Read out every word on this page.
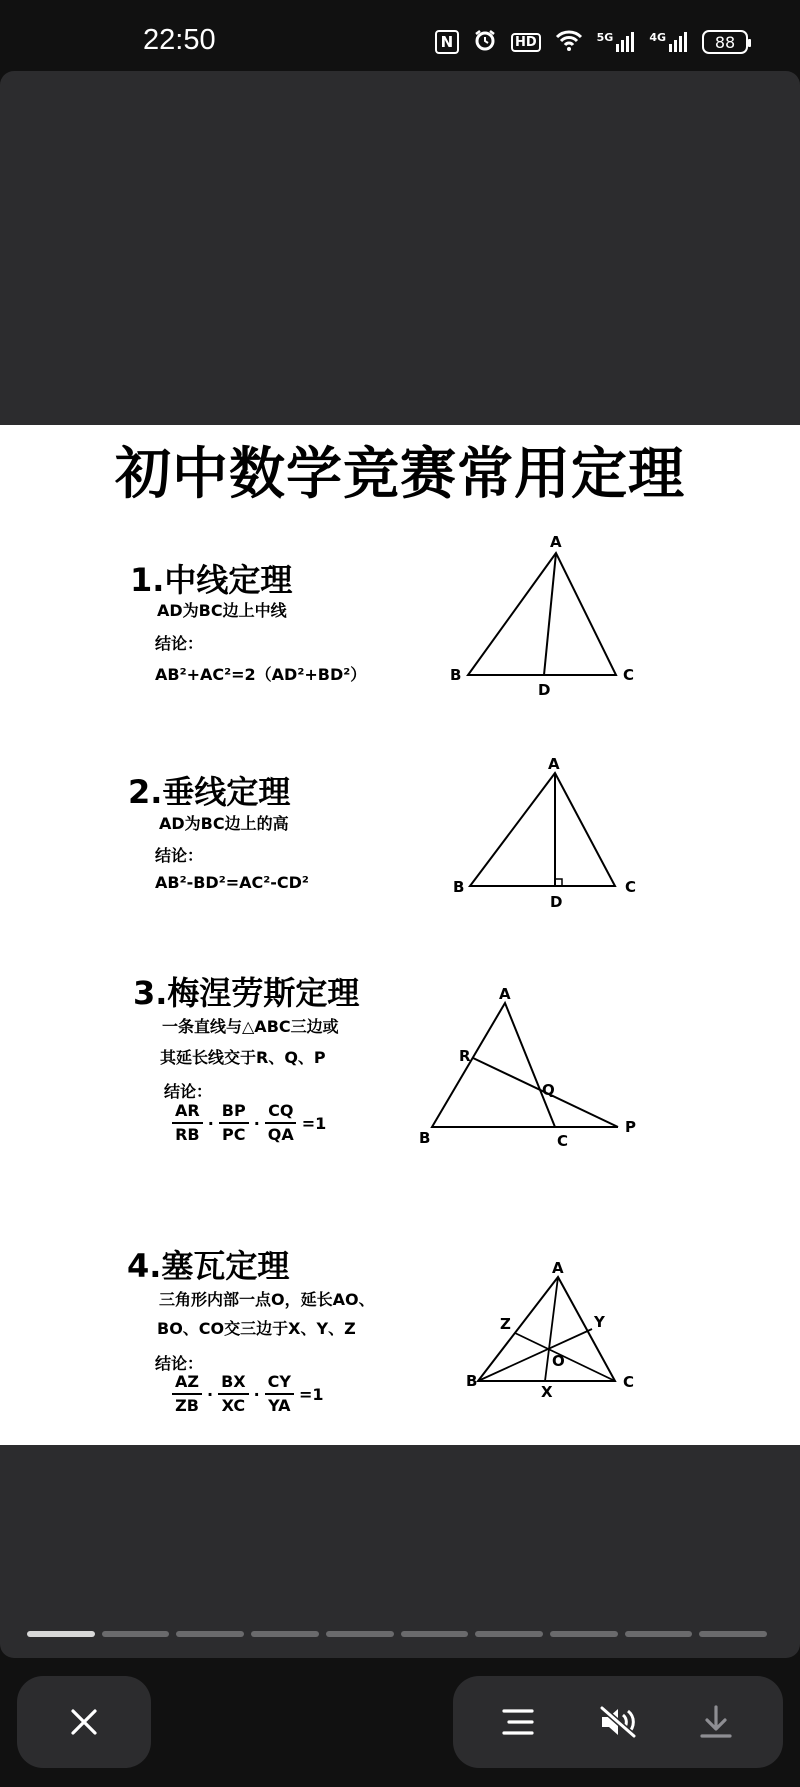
22:50	N	HD	5G	4G	88
初中数学竞赛常用定理
1.中线定理
AD为BC边上中线
结论：
AB²+AC²=2（AD²+BD²）
A
B	C
D
2.垂线定理
AD为BC边上的高
结论：
AB²-BD²=AC²-CD²
A
B	C
D
3.梅涅劳斯定理
一条直线与△ABC三边或
其延长线交于R、Q、P
结论：
$\frac{AR}{RB} \cdot \frac{BP}{PC} \cdot \frac{CQ}{QA} =1$
A
B	C
R
Q
P
4.塞瓦定理
三角形内部一点O，延长AO、
BO、CO交三边于X、Y、Z
结论：
$\frac{AZ}{ZB} \cdot \frac{BX}{XC} \cdot \frac{CY}{YA} =1$
A
B	C
X
Y
Z
O
